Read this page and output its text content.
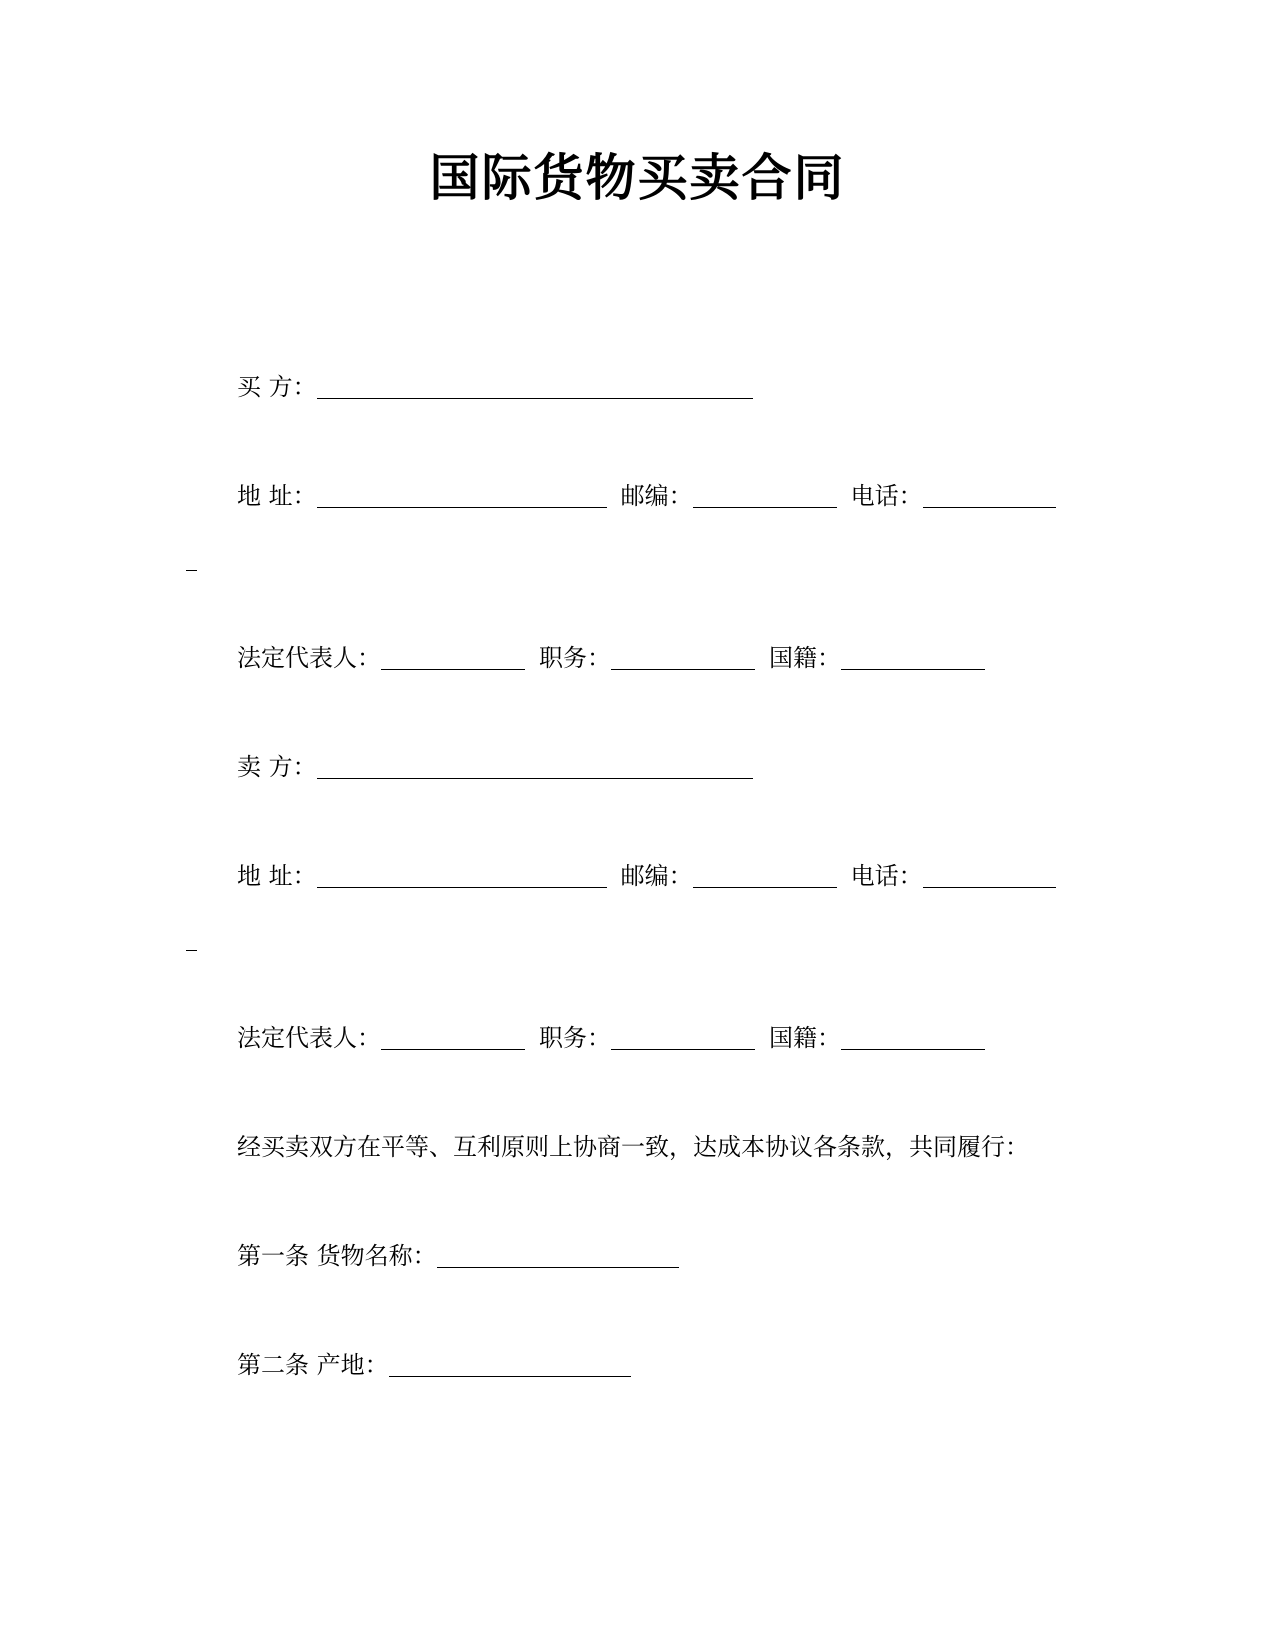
国际货物买卖合同
买 方：
地 址：	邮编：	电话：
法定代表人：	职务：	国籍：
卖 方：
地 址：	邮编：	电话：
法定代表人：	职务：	国籍：
经买卖双方在平等、互利原则上协商一致，达成本协议各条款，共同履行：
第一条 货物名称：
第二条 产地：
